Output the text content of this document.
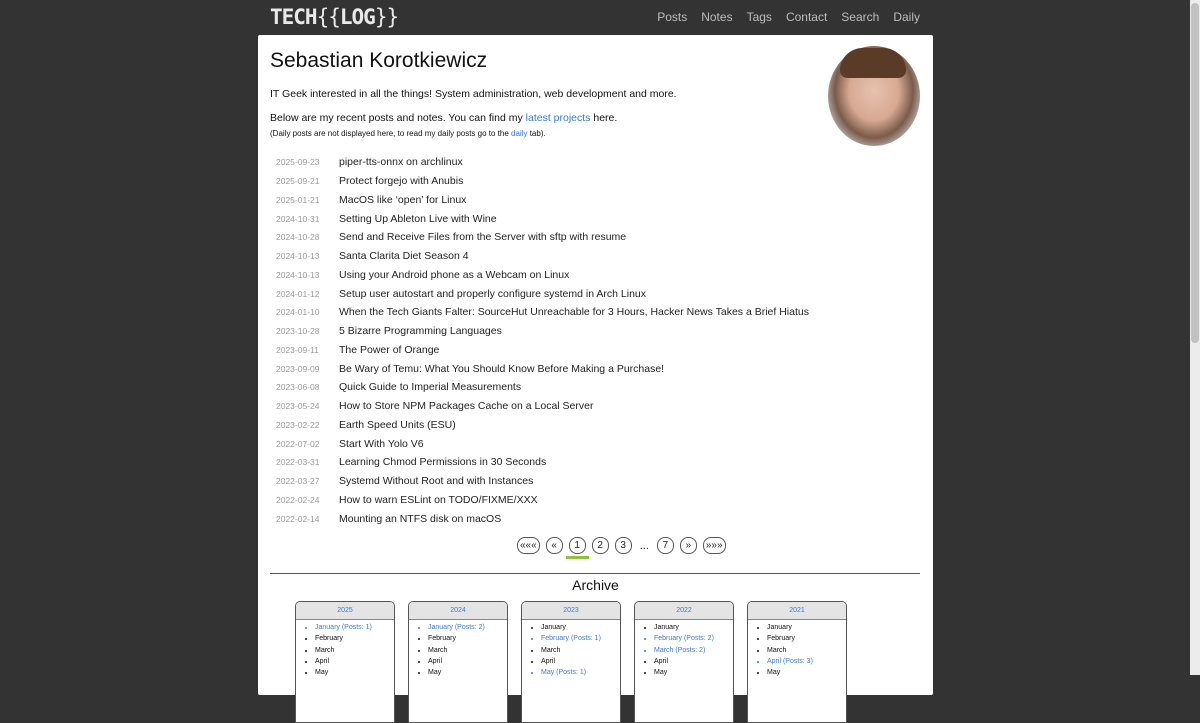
TECH{{LOG}}	Posts Notes Tags Contact Search Daily
Sebastian Korotkiewicz

IT Geek interested in all the things! System administration, web development and more.

Below are my recent posts and notes. You can find my latest projects here.

(Daily posts are not displayed here, to read my daily posts go to the daily tab).

2025-09-23	piper-tts-onnx on archlinux
2025-09-21	Protect forgejo with Anubis
2025-01-21	MacOS like ‘open’ for Linux
2024-10-31	Setting Up Ableton Live with Wine
2024-10-28	Send and Receive Files from the Server with sftp with resume
2024-10-13	Santa Clarita Diet Season 4
2024-10-13	Using your Android phone as a Webcam on Linux
2024-01-12	Setup user autostart and properly configure systemd in Arch Linux
2024-01-10	When the Tech Giants Falter: SourceHut Unreachable for 3 Hours, Hacker News Takes a Brief Hiatus
2023-10-28	5 Bizarre Programming Languages
2023-09-11	The Power of Orange
2023-09-09	Be Wary of Temu: What You Should Know Before Making a Purchase!
2023-06-08	Quick Guide to Imperial Measurements
2023-05-24	How to Store NPM Packages Cache on a Local Server
2023-02-22	Earth Speed Units (ESU)
2022-07-02	Start With Yolo V6
2022-03-31	Learning Chmod Permissions in 30 Seconds
2022-03-27	Systemd Without Root and with Instances
2022-02-24	How to warn ESLint on TODO/FIXME/XXX
2022-02-14	Mounting an NTFS disk on macOS
«««	«	1	2	3	...	7	»	»»»
Archive
2025
• January (Posts: 1)
• February
• March
• April
• May
2024
• January (Posts: 2)
• February
• March
• April
• May
2023
• January
• February (Posts: 1)
• March
• April
• May (Posts: 1)
2022
• January
• February (Posts: 2)
• March (Posts: 2)
• April
• May
2021
• January
• February
• March
• April (Posts: 3)
• May
